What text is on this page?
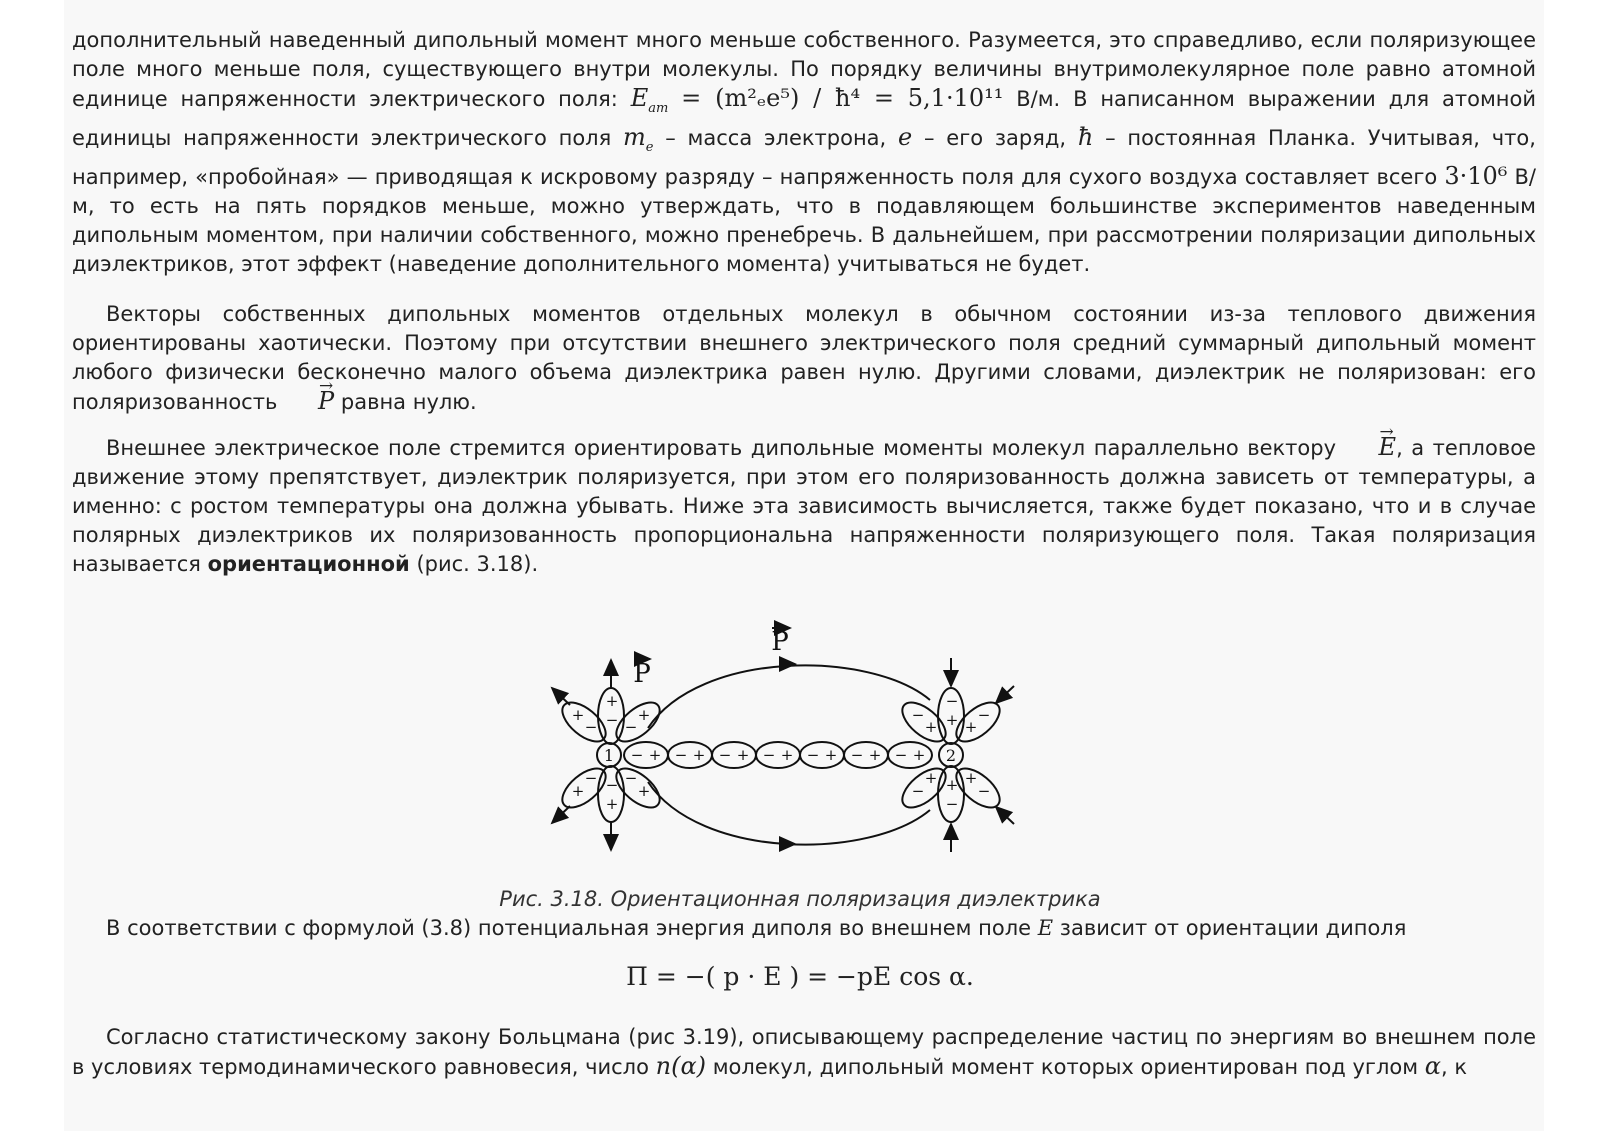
дополнительный наведенный дипольный момент много меньше собственного. Разумеется, это справедливо, если поляризующее поле много меньше поля, существующего внутри молекулы. По порядку величины внутримолекулярное поле равно атомной единице напряженности электрического поля: $E_{ат} = (m^2_ee^5)$ / ħ⁴ = 5,1·10¹¹ В/м. В написанном выражении для атомной единицы напряженности электрического поля $m_e$ – масса электрона, e – его заряд, ħ – постоянная Планка. Учитывая, что, например, «пробойная» — приводящая к искровому разряду – напряженность поля для сухого воздуха составляет всего 3·10⁶ В/м, то есть на пять порядков меньше, можно утверждать, что в подавляющем большинстве экспериментов наведенным дипольным моментом, при наличии собственного, можно пренебречь. В дальнейшем, при рассмотрении поляризации дипольных диэлектриков, этот эффект (наведение дополнительного момента) учитываться не будет.

Векторы собственных дипольных моментов отдельных молекул в обычном состоянии из-за теплового движения ориентированы хаотически. Поэтому при отсутствии внешнего электрического поля средний суммарный дипольный момент любого физически бесконечно малого объема диэлектрика равен нулю. Другими словами, диэлектрик не поляризован: его поляризованность → P равна нулю.

Внешнее электрическое поле стремится ориентировать дипольные моменты молекул параллельно вектору → E, а тепловое движение этому препятствует, диэлектрик поляризуется, при этом его поляризованность должна зависеть от температуры, а именно: с ростом температуры она должна убывать. Ниже эта зависимость вычисляется, также будет показано, что и в случае полярных диэлектриков их поляризованность пропорциональна напряженности поляризующего поля. Такая поляризация называется ориентационной (рис. 3.18).

+
−
−
+
+
−
+
−
+
−
+
−
−
+
+
−
−
+
−
+
−
+
−
+
− + − + − + − + − + − + − +
1	2
P
P
Рис. 3.18. Ориентационная поляризация диэлектрика

В соответствии с формулой (3.8) потенциальная энергия диполя во внешнем поле E зависит от ориентации диполя

Π = −( p · E ) = −pE cos α.

Согласно статистическому закону Больцмана (рис 3.19), описывающему распределение частиц по энергиям во внешнем поле в условиях термодинамического равновесия, число n(α) молекул, дипольный момент которых ориентирован под углом α, к
